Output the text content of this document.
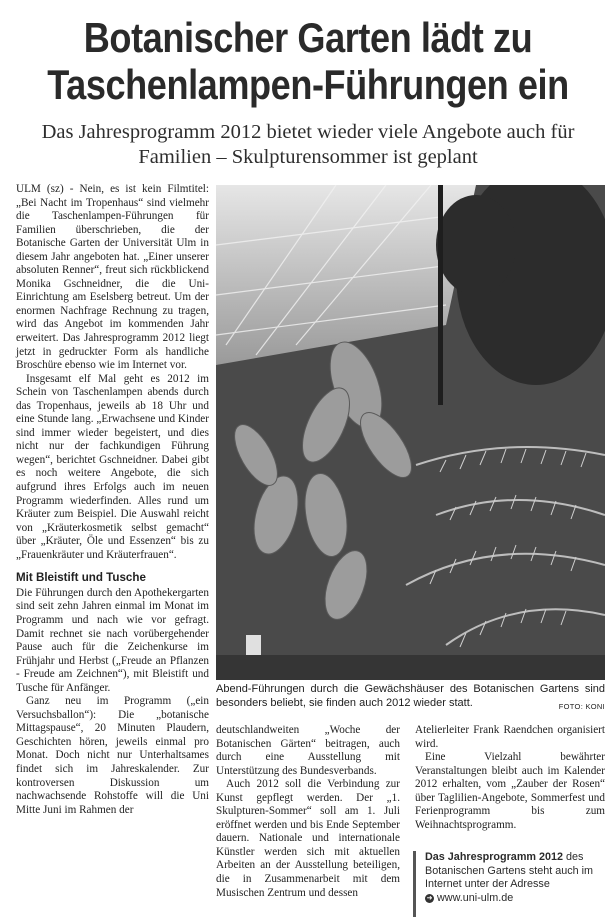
Botanischer Garten lädt zu
Taschenlampen-Führungen ein
Das Jahresprogramm 2012 bietet wieder viele Angebote auch für
Familien – Skulpturensommer ist geplant

ULM (sz) - Nein, es ist kein Filmtitel: „Bei Nacht im Tropenhaus“ sind vielmehr die Taschenlampen-Führungen für Familien überschrieben, die der Botanische Garten der Universität Ulm in diesem Jahr angeboten hat. „Einer unserer absoluten Renner“, freut sich rückblickend Monika Gschneidner, die die Uni-Einrichtung am Eselsberg betreut. Um der enormen Nachfrage Rechnung zu tragen, wird das Angebot im kommenden Jahr erweitert. Das Jahresprogramm 2012 liegt jetzt in gedruckter Form als handliche Broschüre ebenso wie im Internet vor.

Insgesamt elf Mal geht es 2012 im Schein von Taschenlampen abends durch das Tropenhaus, jeweils ab 18 Uhr und eine Stunde lang. „Erwachsene und Kinder sind immer wieder begeistert, und dies nicht nur der fachkundigen Führung wegen“, berichtet Gschneidner. Dabei gibt es noch weitere Angebote, die sich aufgrund ihres Erfolgs auch im neuen Programm wiederfinden. Alles rund um Kräuter zum Beispiel. Die Auswahl reicht von „Kräuterkosmetik selbst gemacht“ über „Kräuter, Öle und Essenzen“ bis zu „Frauenkräuter und Kräuterfrauen“.

Mit Bleistift und Tusche

Die Führungen durch den Apothekergarten sind seit zehn Jahren einmal im Monat im Programm und nach wie vor gefragt. Damit rechnet sie nach vorübergehender Pause auch für die Zeichenkurse im Frühjahr und Herbst („Freude an Pflanzen - Freude am Zeichnen“), mit Bleistift und Tusche für Anfänger.

Ganz neu im Programm („ein Versuchsballon“): Die „botanische Mittagspause“, 20 Minuten Plaudern, Geschichten hören, jeweils einmal pro Monat. Doch nicht nur Unterhaltsames findet sich im Jahreskalender. Zur kontroversen Diskussion um nachwachsende Rohstoffe will die Uni Mitte Juni im Rahmen der

Abend-Führungen durch die Gewächshäuser des Botanischen Gartens sind besonders beliebt, sie finden auch 2012 wieder statt.	FOTO: KONI

deutschlandweiten „Woche der Botanischen Gärten“ beitragen, auch durch eine Ausstellung mit Unterstützung des Bundesverbands.

Auch 2012 soll die Verbindung zur Kunst gepflegt werden. Der „1. Skulpturen-Sommer“ soll am 1. Juli eröffnet werden und bis Ende September dauern. Nationale und internationale Künstler werden sich mit aktuellen Arbeiten an der Ausstellung beteiligen, die in Zusammenarbeit mit dem Musischen Zentrum und dessen

Atelierleiter Frank Raendchen organisiert wird.

Eine Vielzahl bewährter Veranstaltungen bleibt auch im Kalender 2012 erhalten, vom „Zauber der Rosen“ über Taglilien-Angebote, Sommerfest und Ferienprogramm bis zum Weihnachtsprogramm.

Das Jahresprogramm 2012 des Botanischen Gartens steht auch im Internet unter der Adresse
➜ www.uni-ulm.de
